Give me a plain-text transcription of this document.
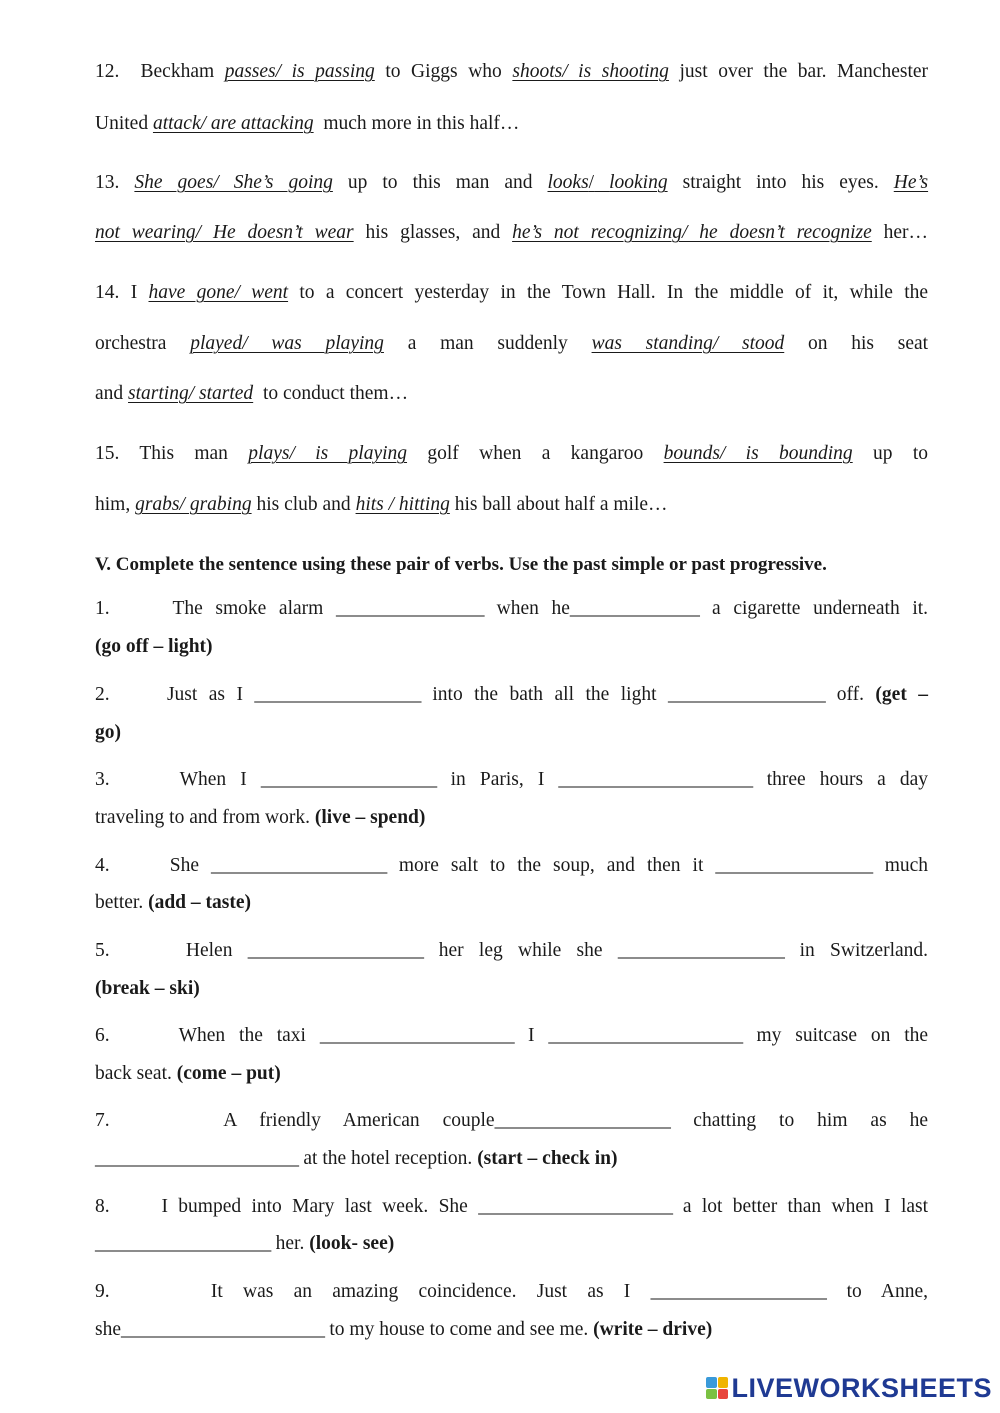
12. Beckham passes/ is passing to Giggs who shoots/ is shooting just over the bar. Manchester
United attack/ are attacking much more in this half…
13. She goes/ She’s going up to this man and looks/ looking straight into his eyes. He’s
not wearing/ He doesn’t wear his glasses, and he’s not recognizing/ he doesn’t recognize her…
14. I have gone/ went to a concert yesterday in the Town Hall. In the middle of it, while the
orchestra played/ was playing a man suddenly was standing/ stood on his seat
and starting/ started to conduct them…
15. This man plays/ is playing golf when a kangaroo bounds/ is bounding up to
him, grabs/ grabing his club and hits / hitting his ball about half a mile…
V. Complete the sentence using these pair of verbs. Use the past simple or past progressive.
1.	The smoke alarm ________________ when he______________ a cigarette underneath it.
(go off – light)
2.	Just as I __________________ into the bath all the light _________________ off. (get –
go)
3.	When I ___________________ in Paris, I _____________________ three hours a day
traveling to and from work. (live – spend)
4.	She ___________________ more salt to the soup, and then it _________________ much
better. (add – taste)
5.	Helen ___________________ her leg while she __________________ in Switzerland.
(break – ski)
6.	When the taxi _____________________ I _____________________ my suitcase on the
back seat. (come – put)
7.	A friendly American couple___________________ chatting to him as he
______________________ at the hotel reception. (start – check in)
8.	I bumped into Mary last week. She _____________________ a lot better than when I last
___________________ her. (look- see)
9.	It was an amazing coincidence. Just as I ___________________ to Anne,
she______________________ to my house to come and see me. (write – drive)
LIVEWORKSHEETS
